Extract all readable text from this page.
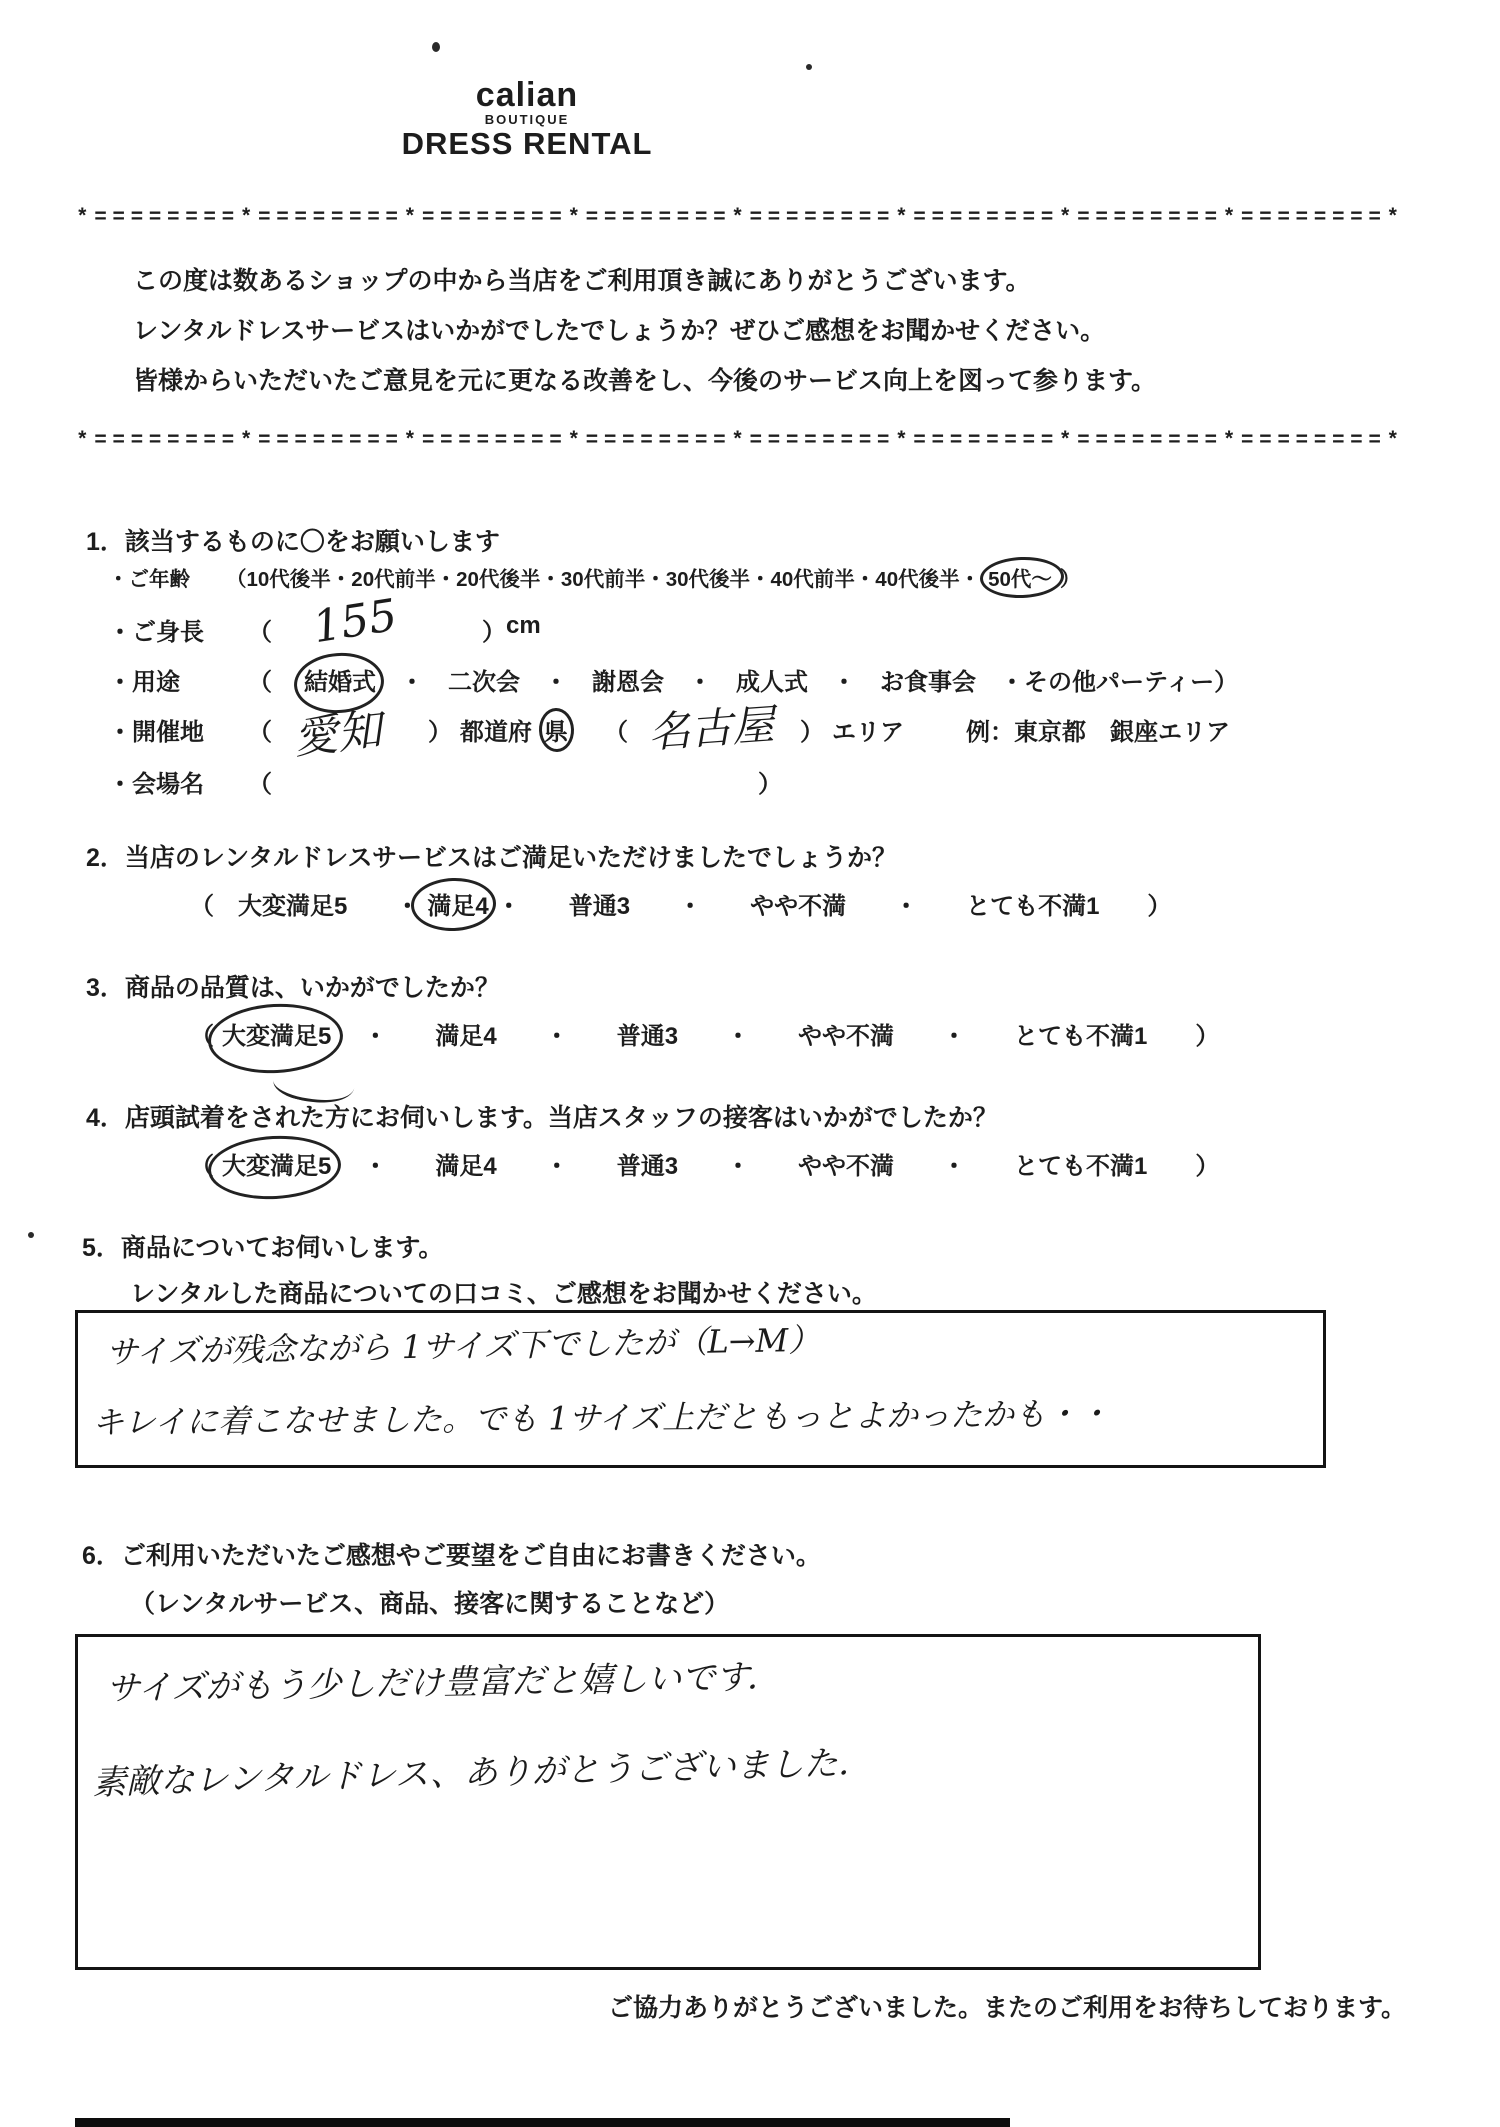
calian
BOUTIQUE
DRESS RENTAL
*========*========*========*========*========*========*========*========*
この度は数あるショップの中から当店をご利用頂き誠にありがとうございます。
レンタルドレスサービスはいかがでしたでしょうか？ぜひご感想をお聞かせください。
皆様からいただいたご意見を元に更なる改善をし、今後のサービス向上を図って参ります。
*========*========*========*========*========*========*========*========*
1．該当するものに〇をお願いします
・ご年齢 （10代後半・20代前半・20代後半・30代前半・30代後半・40代前半・40代後半・ 50代～ ）
・ご身長 （ 155	） cm
・用途	（	結婚式 ・　二次会　・　謝恩会　・　成人式　・　お食事会　・その他パーティー）
・開催地 （ 愛知 ） 都道府 県	（ 名古屋 ） エリア	例：東京都　銀座エリア
・会場名 （	）
2．当店のレンタルドレスサービスはご満足いただけましたでしょうか？
（　大変満足5　　・ 満足4 ・　　普通3　　・　　やや不満　　・　　とても不満1　　）
3．商品の品質は、いかがでしたか？
（ 大変満足5　・　　満足4　　・　　普通3　　・　　やや不満　　・　　とても不満1　　）
4．店頭試着をされた方にお伺いします。当店スタッフの接客はいかがでしたか？
（ 大変満足5　・　　満足4　　・　　普通3　　・　　やや不満　　・　　とても不満1　　）
5．商品についてお伺いします。
レンタルした商品についての口コミ、ご感想をお聞かせください。
サイズが残念ながら 1サイズ下でしたが（L→M）
キレイに着こなせました。でも 1サイズ上だともっとよかったかも・・
6．ご利用いただいたご感想やご要望をご自由にお書きください。
（レンタルサービス、商品、接客に関することなど）
サイズがもう少しだけ豊富だと嬉しいです．
素敵なレンタルドレス、ありがとうございました．
ご協力ありがとうございました。またのご利用をお待ちしております。
